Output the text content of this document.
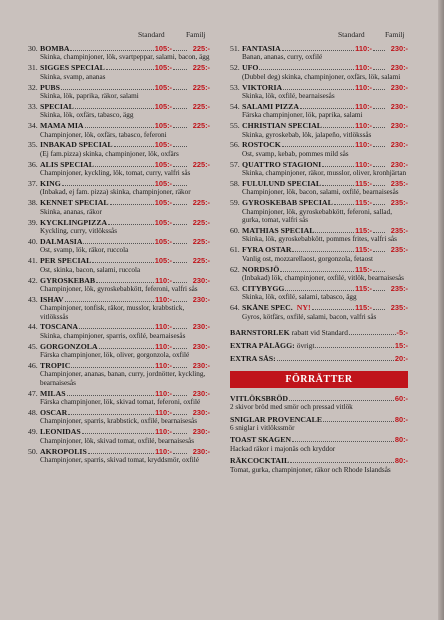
Standard	Familj
30. BOMBA	105:-	225:-
Skinka, champinjoner, lök, svartpeppar, salami, bacon, ägg
31. SIGGES SPECIAL	105:-	225:-
Skinka, svamp, ananas
32. PUBS	105:-	225:-
Skinka, lök, paprika, räkor, salami
33. SPECIAL	105:-	225:-
Skinka, lök, oxfärs, tabasco, ägg
34. MAMA MIA	105:-	225:-
Champinjoner, lök, oxfärs, tabasco, feferoni
35. INBAKAD SPECIAL	105:-
(Ej fam.pizza) skinka, champinjoner, lök, oxfärs
36. ALIS SPECIAL	105:-	225:-
Champinjoner, kyckling, lök, tomat, curry, valfri sås
37. KING	105:-
(Inbakad, ej fam. pizza) skinka, champinjoner, räkor
38. KENNET SPECIAL	105:-	225:-
Skinka, ananas, räkor
39. KYCKLINGPIZZA	105:-	225:-
Kyckling, curry, vitlökssås
40. DALMASIA	105:-	225:-
Ost, svamp, lök, räkor, ruccola
41. PER SPECIAL	105:-	225:-
Ost, skinka, bacon, salami, ruccola
42. GYROSKEBAB	110:-	230:-
Champinjoner, lök, gyroskebabkött, feferoni, valfri sås
43. ISHAV	110:-	230:-
Champinjoner, tonfisk, räkor, musslor, krabbstick, vitlökssås
44. TOSCANA	110:-	230:-
Skinka, champinjoner, sparris, oxfilé, bearnaisesås
45. GORGONZOLA	110:-	230:-
Färska champinjoner, lök, oliver, gorgonzola, oxfilé
46. TROPIC	110:-	230:-
Champinjoner, ananas, banan, curry, jordnötter, kyckling, bearnaisesås
47. MILAS	110:-	230:-
Färska champinjoner, lök, skivad tomat, feferoni, oxfilé
48. OSCAR	110:-	230:-
Champinjoner, sparris, krabbstick, oxfilé, bearnaisesås
49. LEONIDAS	110:-	230:-
Champinjoner, lök, skivad tomat, oxfilé, bearnaisesås
50. AKROPOLIS	110:-	230:-
Champinjoner, sparris, skivad tomat, kryddsmör, oxfilé
Standard	Familj
51. FANTASIA	110:-	230:-
Banan, ananas, curry, oxfilé
52. UFO	110:-	230:-
(Dubbel deg) skinka, champinjoner, oxfärs, lök, salami
53. VIKTORIA	110:-	230:-
Skinka, lök, oxfilé, bearnaisesås
54. SALAMI PIZZA	110:-	230:-
Färska champinjoner, lök, paprika, salami
55. CHRISTIAN SPECIAL	110:-	230:-
Skinka, gyroskebab, lök, jalapeño, vitlökssås
56. ROSTOCK	110:-	230:-
Ost, svamp, kebab, pommes mild sås
57. QUATTRO STAGIONI	110:-	230:-
Skinka, champinjoner, räkor, musslor, oliver, kronhjärtan
58. FULULUND SPECIAL	115:-	235:-
Champinjoner, lök, bacon, salami, oxfilé, bearnaisesås
59. GYROSKEBAB SPECIAL	115:-	235:-
Champinjoner, lök, gyroskebabkött, feferoni, sallad, gurka, tomat, valfri sås
60. MATHIAS SPECIAL	115:-	235:-
Skinka, lök, gyroskebabkött, pommes frites, valfri sås
61. FYRA OSTAR	115:-	235:-
Vanlig ost, mozzarellaost, gorgonzola, fetaost
62. NORDSJÖ	115:-
(Inbakad) lök, champinjoner, oxfilé, vitlök, bearnaisesås
63. CITYBYGG	115:-	235:-
Skinka, lök, oxfilé, salami, tabasco, ägg
64. SKÅNE SPEC. NY!	115:-	235:-
Gyros, kötfärs, oxfilé, salami, bacon, valfri sås
BARNSTORLEK rabatt vid Standard	-5:-
EXTRA PÅLÄGG: övrigt	15:-
EXTRA SÅS:	20:-
FÖRRÄTTER
VITLÖKSBRÖD	60:-
2 skivor bröd med smör och pressad vitlök
SNIGLAR PROVENCALE	80:-
6 sniglar i vitlökssmör
TOAST SKAGEN	80:-
Hackad räkor i majonäs och kryddor
RÄKCOCKTAIL	80:-
Tomat, gurka, champinjoner, räkor och Rhode Islandsås
